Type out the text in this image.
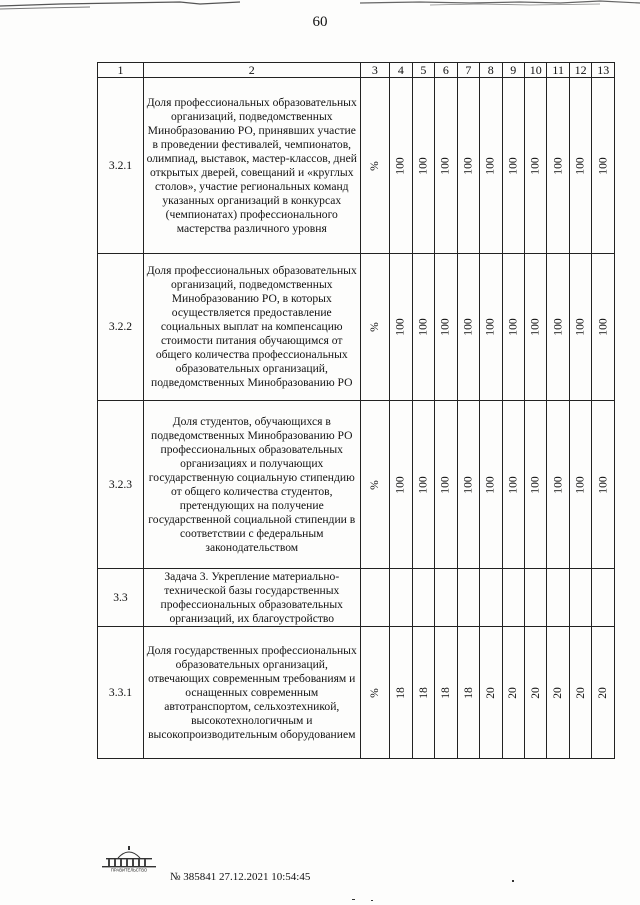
60
1	2	3	4	5	6	7	8	9	10	11	12	13
3.2.1	Доля профессиональных образовательных организаций, подведомственных Минобразованию РО, принявших участие в проведении фестивалей, чемпионатов, олимпиад, выставок, мастер-классов, дней открытых дверей, совещаний и «круглых столов», участие региональных команд указанных организаций в конкурсах (чемпионатах) профессионального мастерства различного уровня	%	100	100	100	100	100	100	100	100	100	100
3.2.2	Доля профессиональных образовательных организаций, подведомственных Минобразованию РО, в которых осуществляется предоставление социальных выплат на компенсацию стоимости питания обучающимся от общего количества профессиональных образовательных организаций, подведомственных Минобразованию РО	%	100	100	100	100	100	100	100	100	100	100
3.2.3	Доля студентов, обучающихся в подведомственных Минобразованию РО профессиональных образовательных организациях и получающих государственную социальную стипендию от общего количества студентов, претендующих на получение государственной социальной стипендии в соответствии с федеральным законодательством	%	100	100	100	100	100	100	100	100	100	100
3.3	Задача 3. Укрепление материально-технической базы государственных профессиональных образовательных организаций, их благоустройство											
3.3.1	Доля государственных профессиональных образовательных организаций, отвечающих современным требованиям и оснащенных современным автотранспортом, сельхозтехникой, высокотехнологичным и высокопроизводительным оборудованием	%	18	18	18	18	20	20	20	20	20	20
ПРАВИТЕЛЬСТВО
№ 385841 27.12.2021 10:54:45
